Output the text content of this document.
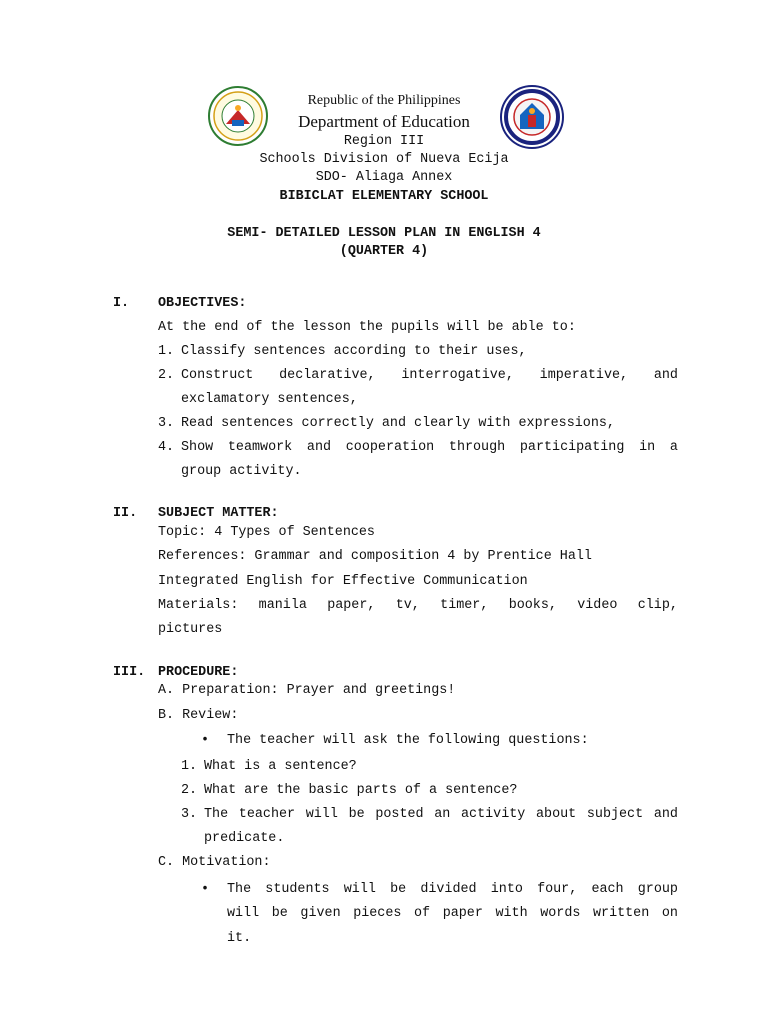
Republic of the Philippines
Department of Education
Region III
Schools Division of Nueva Ecija
SDO- Aliaga Annex
BIBICLAT ELEMENTARY SCHOOL
SEMI- DETAILED LESSON PLAN IN ENGLISH 4
(QUARTER 4)
I. OBJECTIVES:
At the end of the lesson the pupils will be able to:
1. Classify sentences according to their uses,
2. Construct declarative, interrogative, imperative, and
exclamatory sentences,
3. Read sentences correctly and clearly with expressions,
4. Show teamwork and cooperation through participating in a
group activity.
II. SUBJECT MATTER:
Topic: 4 Types of Sentences
References: Grammar and composition 4 by Prentice Hall
Integrated English for Effective Communication
Materials: manila paper, tv, timer, books, video clip,
pictures
III. PROCEDURE:
A. Preparation: Prayer and greetings!
B. Review:
• The teacher will ask the following questions:
1. What is a sentence?
2. What are the basic parts of a sentence?
3. The teacher will be posted an activity about subject and
predicate.
C. Motivation:
• The students will be divided into four, each group
will be given pieces of paper with words written on
it.
